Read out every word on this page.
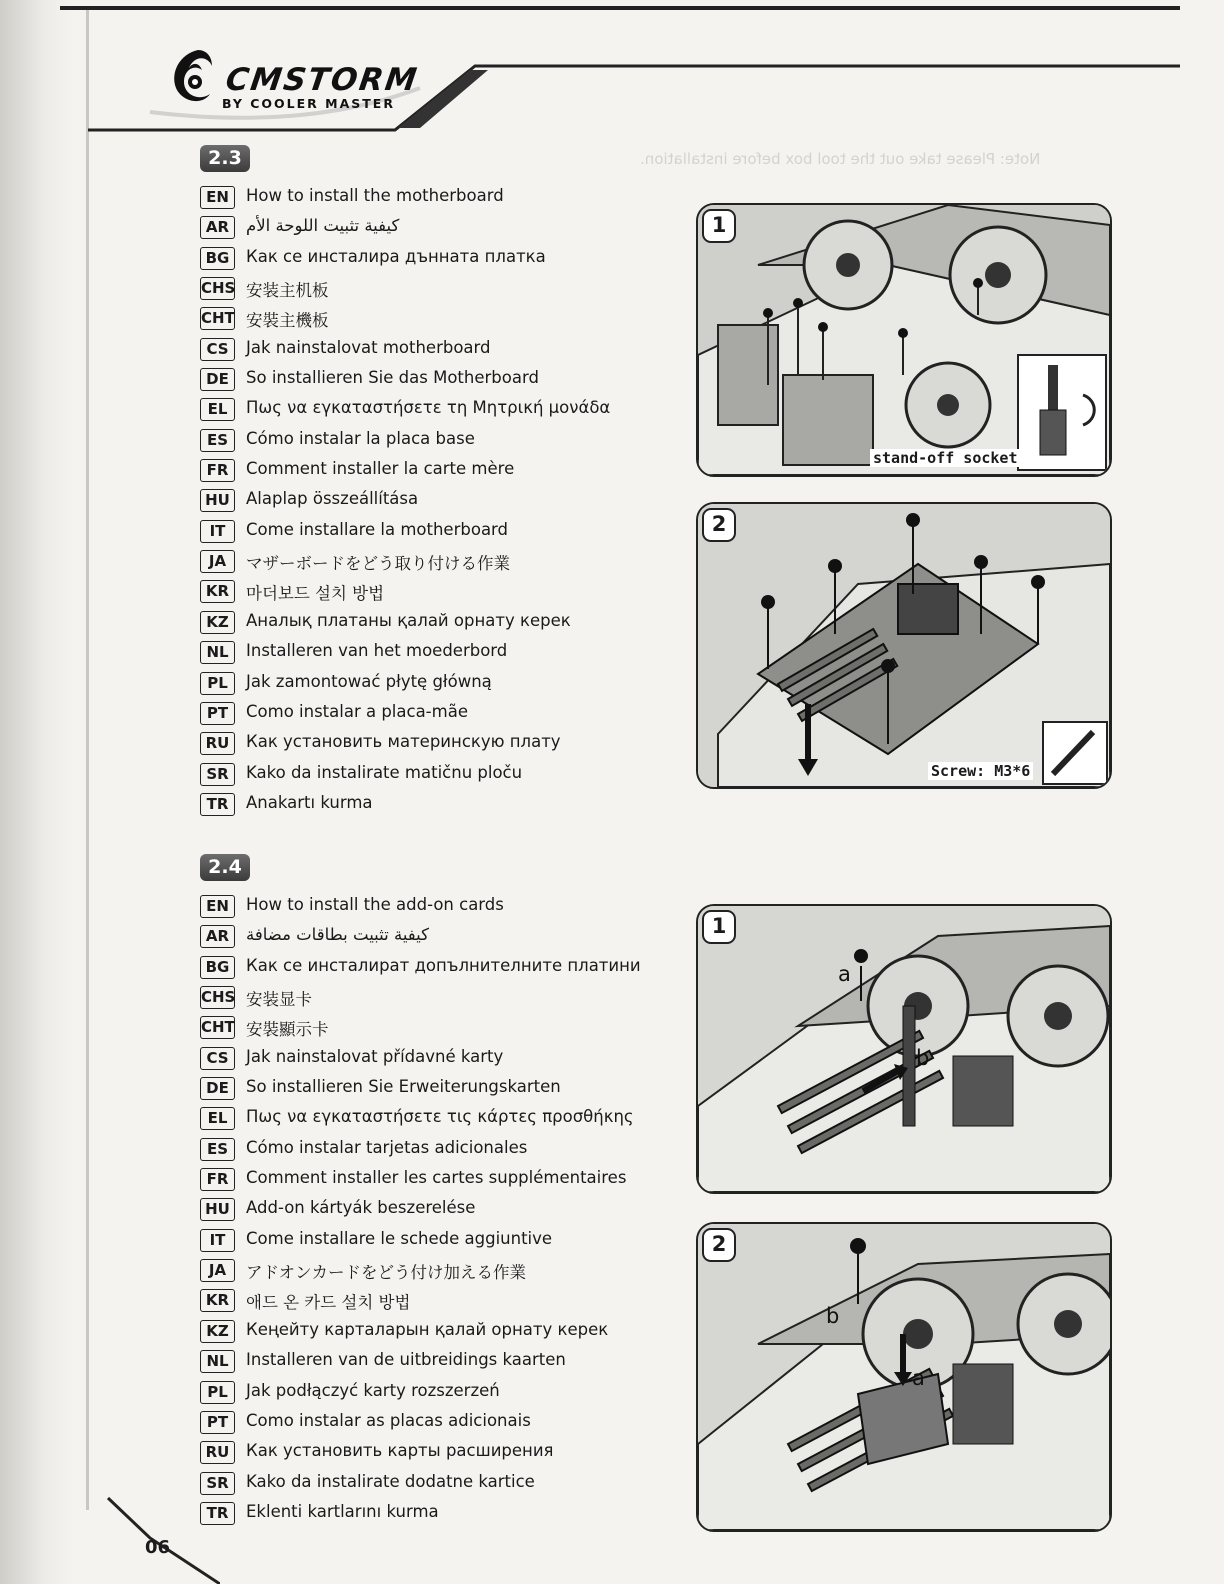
CMSTORM
BY COOLER MASTER
Note: Please take out the tool box before installation.
2.3
EN	How to install the motherboard
AR	كيفية تثبيت اللوحة الأم
BG	Как се инсталира дънната платка
CHS 安装主机板
CHT 安裝主機板
CS	Jak nainstalovat motherboard
DE	So installieren Sie das Motherboard
EL	Πως να εγκαταστήσετε τη Μητρική μονάδα
ES	Cómo instalar la placa base
FR	Comment installer la carte mère
HU Alaplap összeállítása
IT	Come installare la motherboard
JA	マザーボードをどう取り付ける作業
KR	마더보드 설치 방법
KZ	Аналық платаны қалай орнату керек
NL	Installeren van het moederbord
PL	Jak zamontować płytę główną
PT	Como instalar a placa-mãe
RU	Как установить материнскую плату
SR	Kako da instalirate matičnu ploču
TR	Anakartı kurma
2.4
EN	How to install the add-on cards
AR	كيفية تثبيت بطاقات مضافة
BG	Как се инсталират допълнителните платини
CHS 安装显卡
CHT 安裝顯示卡
CS	Jak nainstalovat přídavné karty
DE	So installieren Sie Erweiterungskarten
EL	Πως να εγκαταστήσετε τις κάρτες προσθήκης
ES	Cómo instalar tarjetas adicionales
FR	Comment installer les cartes supplémentaires
HU Add-on kártyák beszerelése
IT	Come installare le schede aggiuntive
JA	アドオンカードをどう付け加える作業
KR	애드 온 카드 설치 방법
KZ	Кеңейту карталарын қалай орнату керек
NL	Installeren van de uitbreidings kaarten
PL	Jak podłączyć karty rozszerzeń
PT	Como instalar as placas adicionais
RU	Как установить карты расширения
SR	Kako da instalirate dodatne kartice
TR	Eklenti kartlarını kurma
1
stand-off socket
2
Screw: M3*6
1
a
b
2
b
a
06
